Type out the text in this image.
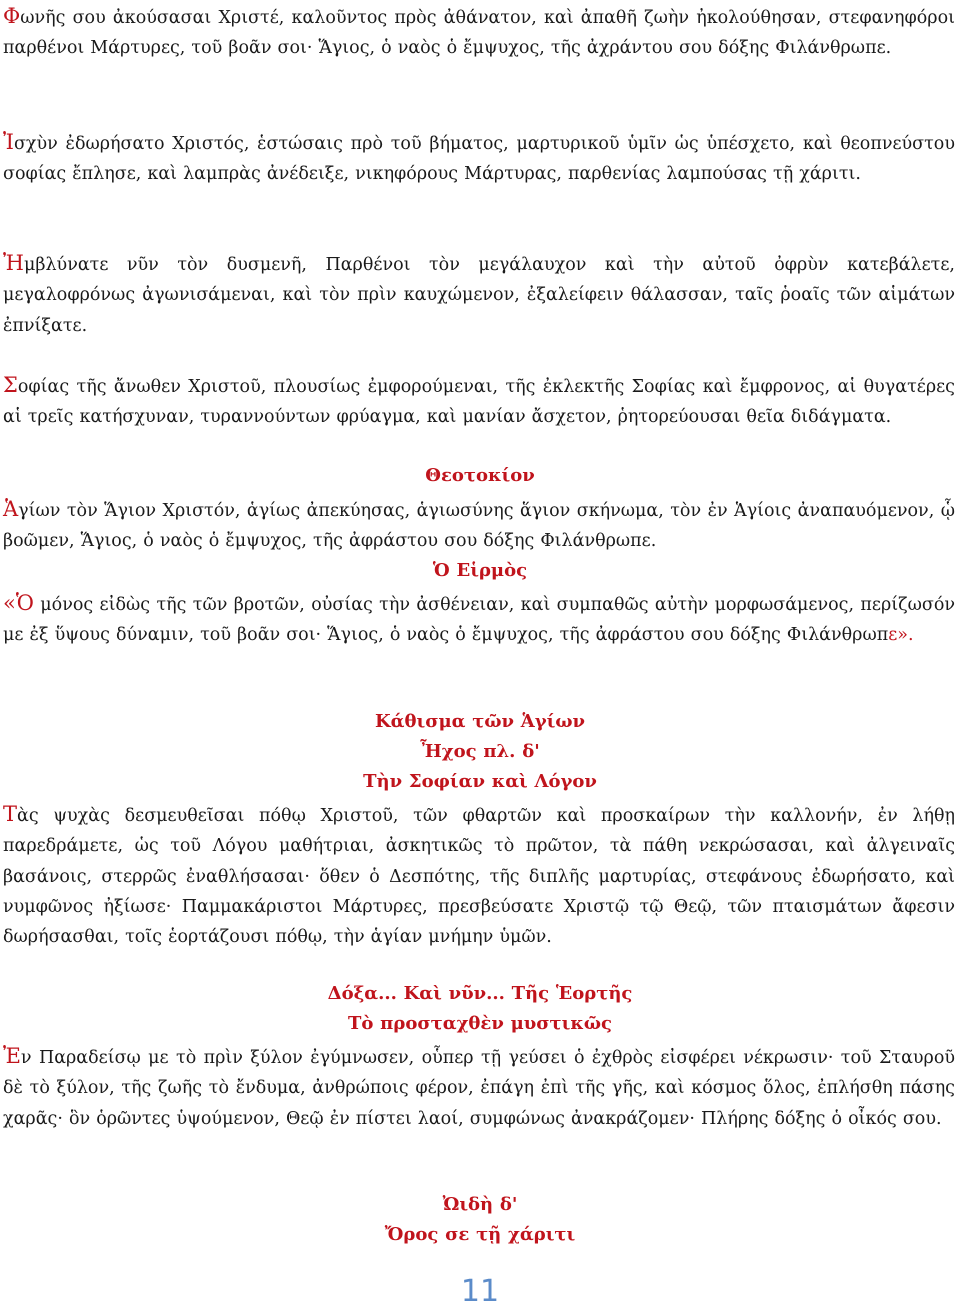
Φωνῆς σου ἀκούσασαι Χριστέ, καλοῦντος πρὸς ἀθάνατον, καὶ ἀπαθῆ ζωὴν ἠκολούθησαν, στεφανηφόροι παρθένοι Μάρτυρες, τοῦ βοᾶν σοι· Ἅγιος, ὁ ναὸς ὁ ἔμψυχος, τῆς ἀχράντου σου δόξης Φιλάνθρωπε.

Ἰσχὺν ἐδωρήσατο Χριστός, ἑστώσαις πρὸ τοῦ βήματος, μαρτυρικοῦ ὑμῖν ὡς ὑπέσχετο, καὶ θεοπνεύστου σοφίας ἔπλησε, καὶ λαμπρὰς ἀνέδειξε, νικηφόρους Μάρτυρας, παρθενίας λαμπούσας τῇ χάριτι.

Ἠμβλύνατε νῦν τὸν δυσμενῆ, Παρθένοι τὸν μεγάλαυχον καὶ τὴν αὐτοῦ ὀφρὺν κατεβάλετε, μεγαλοφρόνως ἀγωνισάμεναι, καὶ τὸν πρὶν καυχώμενον, ἐξαλείφειν θάλασσαν, ταῖς ῥοαῖς τῶν αἱμάτων ἐπνίξατε.

Σοφίας τῆς ἄνωθεν Χριστοῦ, πλουσίως ἐμφορούμεναι, τῆς ἐκλεκτῆς Σοφίας καὶ ἔμφρονος, αἱ θυγατέρες αἱ τρεῖς κατήσχυναν, τυραννούντων φρύαγμα, καὶ μανίαν ἄσχετον, ῥητορεύουσαι θεῖα διδάγματα.

Θεοτοκίον

Ἁγίων τὸν Ἅγιον Χριστόν, ἁγίως ἀπεκύησας, ἁγιωσύνης ἅγιον σκήνωμα, τὸν ἐν Ἁγίοις ἀναπαυόμενον, ᾧ βοῶμεν, Ἅγιος, ὁ ναὸς ὁ ἔμψυχος, τῆς ἀφράστου σου δόξης Φιλάνθρωπε.

Ὁ Εἱρμὸς

«Ὁ μόνος εἰδὼς τῆς τῶν βροτῶν, οὐσίας τὴν ἀσθένειαν, καὶ συμπαθῶς αὐτὴν μορφωσάμενος, περίζωσόν με ἐξ ὕψους δύναμιν, τοῦ βοᾶν σοι· Ἅγιος, ὁ ναὸς ὁ ἔμψυχος, τῆς ἀφράστου σου δόξης Φιλάνθρωπε».

Κάθισμα τῶν Ἁγίων
Ἦχος πλ. δ'
Τὴν Σοφίαν καὶ Λόγον

Τὰς ψυχὰς δεσμευθεῖσαι πόθῳ Χριστοῦ, τῶν φθαρτῶν καὶ προσκαίρων τὴν καλλονήν, ἐν λήθῃ παρεδράμετε, ὡς τοῦ Λόγου μαθήτριαι, ἀσκητικῶς τὸ πρῶτον, τὰ πάθη νεκρώσασαι, καὶ ἀλγειναῖς βασάνοις, στερρῶς ἐναθλήσασαι· ὅθεν ὁ Δεσπότης, τῆς διπλῆς μαρτυρίας, στεφάνους ἐδωρήσατο, καὶ νυμφῶνος ἠξίωσε· Παμμακάριστοι Μάρτυρες, πρεσβεύσατε Χριστῷ τῷ Θεῷ, τῶν πταισμάτων ἄφεσιν δωρήσασθαι, τοῖς ἑορτάζουσι πόθῳ, τὴν ἁγίαν μνήμην ὑμῶν.

Δόξα... Καὶ νῦν... Τῆς Ἑορτῆς
Τὸ προσταχθὲν μυστικῶς

Ἐν Παραδείσῳ με τὸ πρὶν ξύλον ἐγύμνωσεν, οὗπερ τῇ γεύσει ὁ ἐχθρὸς εἰσφέρει νέκρωσιν· τοῦ Σταυροῦ δὲ τὸ ξύλον, τῆς ζωῆς τὸ ἔνδυμα, ἀνθρώποις φέρον, ἐπάγη ἐπὶ τῆς γῆς, καὶ κόσμος ὅλος, ἐπλήσθη πάσης χαρᾶς· ὃν ὁρῶντες ὑψούμενον, Θεῷ ἐν πίστει λαοί, συμφώνως ἀνακράζομεν· Πλήρης δόξης ὁ οἶκός σου.

Ὠιδὴ δ'
Ὄρος σε τῇ χάριτι
11
